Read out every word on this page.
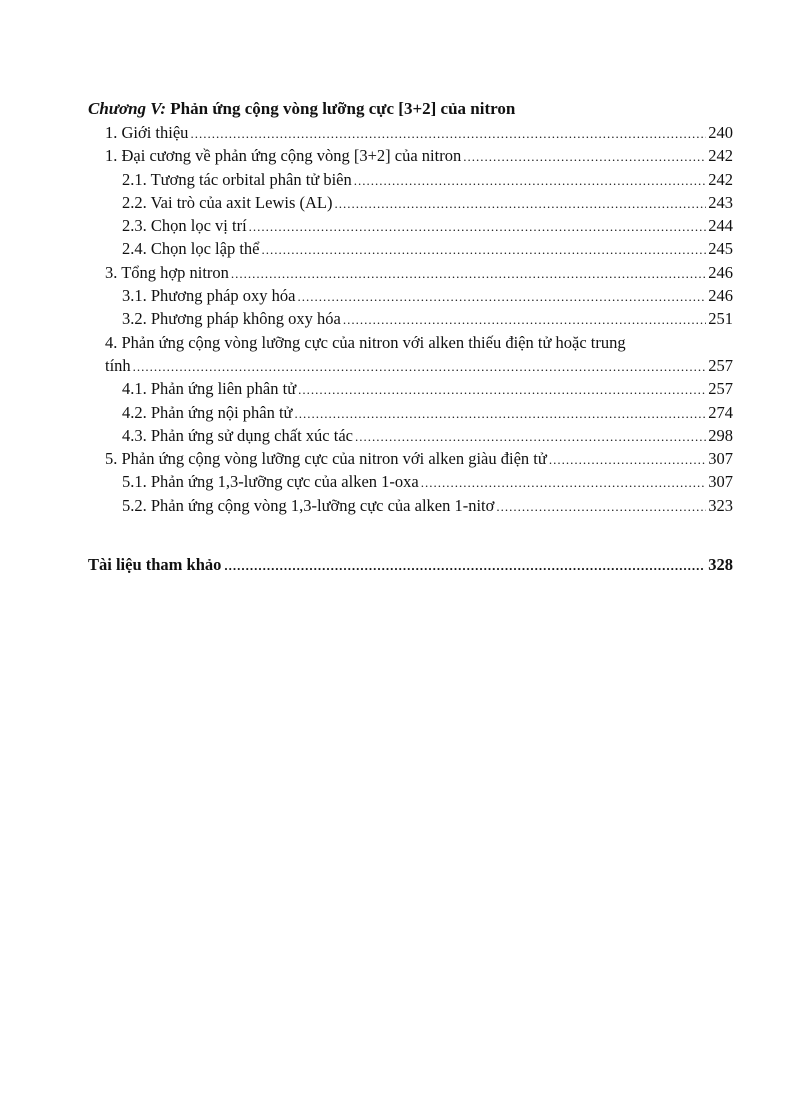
Chương V: Phản ứng cộng vòng lưỡng cực [3+2] của nitron
1. Giới thiệu .....	240
1. Đại cương về phản ứng cộng vòng [3+2] của nitron .....	242
2.1. Tương tác orbital phân tử biên .....	242
2.2. Vai trò của axit Lewis (AL) .....	243
2.3. Chọn lọc vị trí .....	244
2.4. Chọn lọc lập thể .....	245
3. Tổng hợp nitron .....	246
3.1. Phương pháp oxy hóa .....	246
3.2. Phương pháp không oxy hóa .....	251
4. Phản ứng cộng vòng lưỡng cực của nitron với alken thiếu điện tử hoặc trung
tính .....	257
4.1. Phản ứng liên phân tử .....	257
4.2. Phản ứng nội phân tử .....	274
4.3. Phản ứng sử dụng chất xúc tác .....	298
5. Phản ứng cộng vòng lưỡng cực của nitron với alken giàu điện tử .....	307
5.1. Phản ứng 1,3-lưỡng cực của alken 1-oxa .....	307
5.2. Phản ứng cộng vòng 1,3-lưỡng cực của alken 1-nitơ .....	323
Tài liệu tham khảo .....	328
